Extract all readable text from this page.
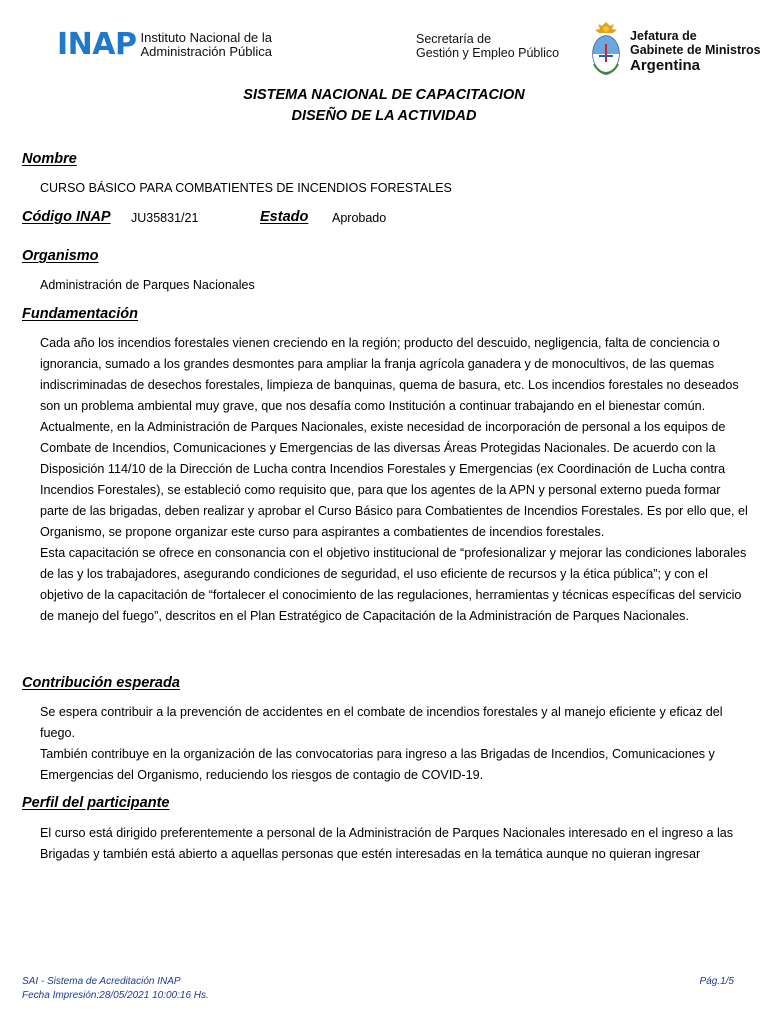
INAP Instituto Nacional de la
Administración Pública
Secretaría de
Gestión y Empleo Público
Jefatura de
Gabinete de Ministros
Argentina
SISTEMA NACIONAL DE CAPACITACION
DISEÑO DE LA ACTIVIDAD
Nombre
CURSO BÁSICO PARA COMBATIENTES DE INCENDIOS FORESTALES
Código INAP JU35831/21	Estado Aprobado
Organismo
Administración de Parques Nacionales
Fundamentación

Cada año los incendios forestales vienen creciendo en la región; producto del descuido, negligencia, falta de conciencia o ignorancia, sumado a los grandes desmontes para ampliar la franja agrícola ganadera y de monocultivos, de las quemas indiscriminadas de desechos forestales, limpieza de banquinas, quema de basura, etc. Los incendios forestales no deseados son un problema ambiental muy grave, que nos desafía como Institución a continuar trabajando en el bienestar común.

Actualmente, en la Administración de Parques Nacionales, existe necesidad de incorporación de personal a los equipos de Combate de Incendios, Comunicaciones y Emergencias de las diversas Áreas Protegidas Nacionales. De acuerdo con la Disposición 114/10 de la Dirección de Lucha contra Incendios Forestales y Emergencias (ex Coordinación de Lucha contra Incendios Forestales), se estableció como requisito que, para que los agentes de la APN y personal externo pueda formar parte de las brigadas, deben realizar y aprobar el Curso Básico para Combatientes de Incendios Forestales. Es por ello que, el Organismo, se propone organizar este curso para aspirantes a combatientes de incendios forestales.

Esta capacitación se ofrece en consonancia con el objetivo institucional de “profesionalizar y mejorar las condiciones laborales de las y los trabajadores, asegurando condiciones de seguridad, el uso eficiente de recursos y la ética pública”; y con el objetivo de la capacitación de “fortalecer el conocimiento de las regulaciones, herramientas y técnicas específicas del servicio de manejo del fuego”, descritos en el Plan Estratégico de Capacitación de la Administración de Parques Nacionales.

Contribución esperada

Se espera contribuir a la prevención de accidentes en el combate de incendios forestales y al manejo eficiente y eficaz del fuego.

También contribuye en la organización de las convocatorias para ingreso a las Brigadas de Incendios, Comunicaciones y Emergencias del Organismo, reduciendo los riesgos de contagio de COVID-19.

Perfil del participante

El curso está dirigido preferentemente a personal de la Administración de Parques Nacionales interesado en el ingreso a las Brigadas y también está abierto a aquellas personas que estén interesadas en la temática aunque no quieran ingresar

SAI - Sistema de Acreditación INAP
Fecha Impresión:28/05/2021 10:00:16 Hs.
Pág.1/5
